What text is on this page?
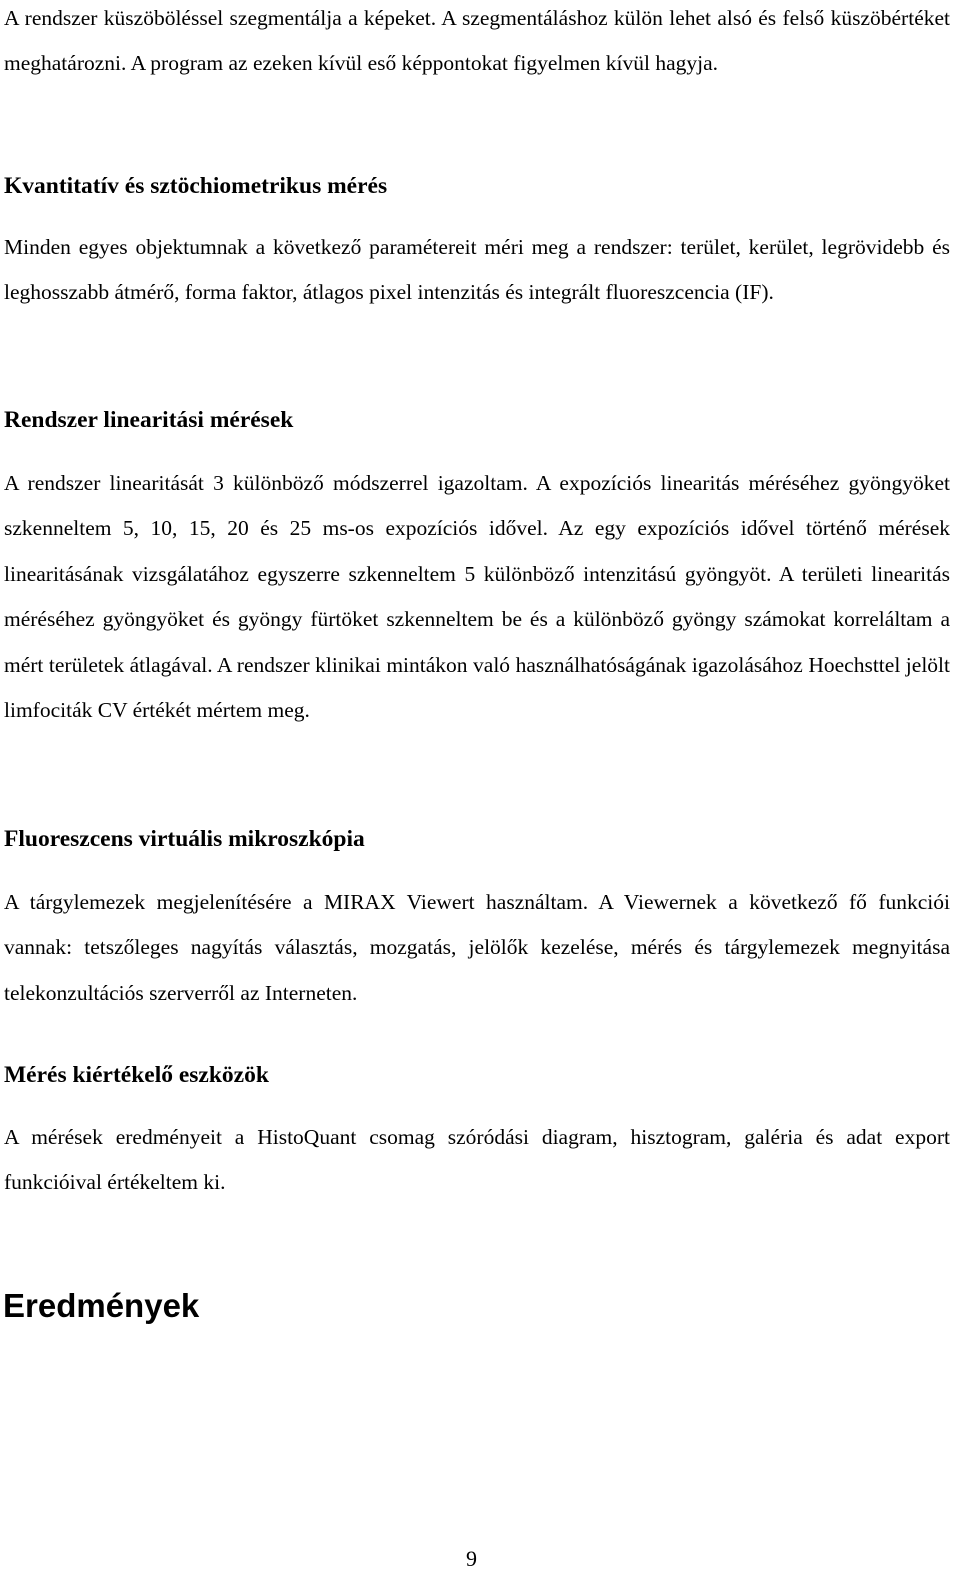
A rendszer küszöböléssel szegmentálja a képeket. A szegmentáláshoz külön lehet alsó és felső küszöbértéket meghatározni. A program az ezeken kívül eső képpontokat figyelmen kívül hagyja.

Kvantitatív és sztöchiometrikus mérés

Minden egyes objektumnak a következő paramétereit méri meg a rendszer: terület, kerület, legrövidebb és leghosszabb átmérő, forma faktor, átlagos pixel intenzitás és integrált fluoreszcencia (IF).

Rendszer linearitási mérések

A rendszer linearitását 3 különböző módszerrel igazoltam. A expozíciós linearitás méréséhez gyöngyöket szkenneltem 5, 10, 15, 20 és 25 ms-os expozíciós idővel. Az egy expozíciós idővel történő mérések linearitásának vizsgálatához egyszerre szkenneltem 5 különböző intenzitású gyöngyöt. A területi linearitás méréséhez gyöngyöket és gyöngy fürtöket szkenneltem be és a különböző gyöngy számokat korreláltam a mért területek átlagával. A rendszer klinikai mintákon való használhatóságának igazolásához Hoechsttel jelölt limfociták CV értékét mértem meg.

Fluoreszcens virtuális mikroszkópia

A tárgylemezek megjelenítésére a MIRAX Viewert használtam. A Viewernek a következő fő funkciói vannak: tetszőleges nagyítás választás, mozgatás, jelölők kezelése, mérés és tárgylemezek megnyitása telekonzultációs szerverről az Interneten.

Mérés kiértékelő eszközök

A mérések eredményeit a HistoQuant csomag szóródási diagram, hisztogram, galéria és adat export funkcióival értékeltem ki.

Eredmények

9
